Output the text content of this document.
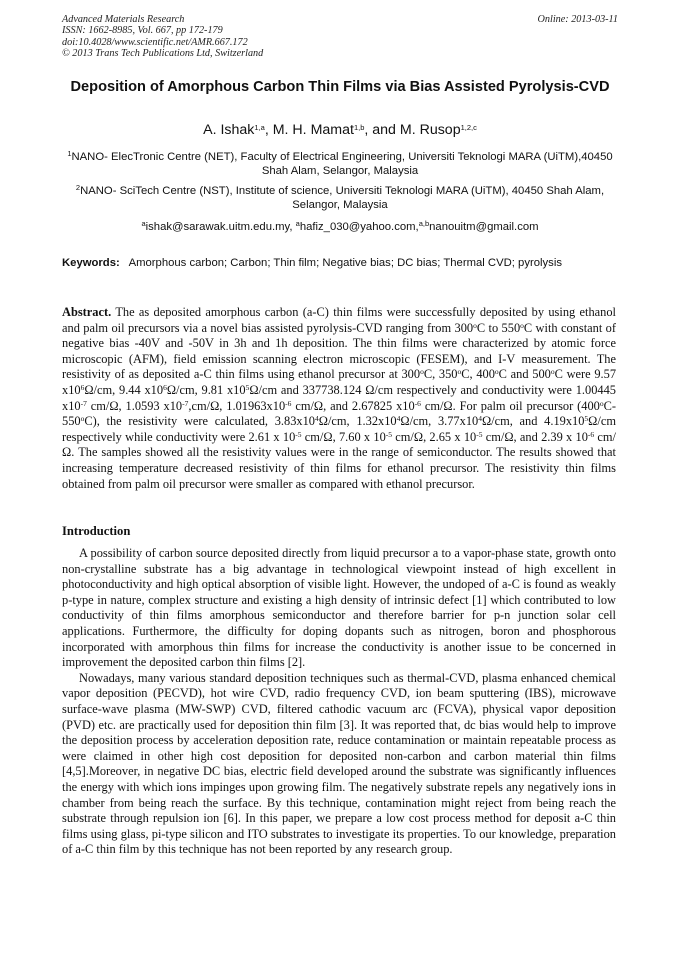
Advanced Materials Research
ISSN: 1662-8985, Vol. 667, pp 172-179
doi:10.4028/www.scientific.net/AMR.667.172
© 2013 Trans Tech Publications Ltd, Switzerland
Online: 2013-03-11
Deposition of Amorphous Carbon Thin Films via Bias Assisted Pyrolysis-CVD
A. Ishak$^{1,a}$, M. H. Mamat$^{1,b}$, and M. Rusop$^{1,2,c}$
$^1$NANO- ElecTronic Centre (NET), Faculty of Electrical Engineering, Universiti Teknologi MARA (UiTM),40450 Shah Alam, Selangor, Malaysia
$^2$NANO- SciTech Centre (NST), Institute of science, Universiti Teknologi MARA (UiTM), 40450 Shah Alam, Selangor, Malaysia
$^a$ishak@sarawak.uitm.edu.my, $^a$hafiz_030@yahoo.com,$^{a,b}$nanouitm@gmail.com
Keywords: Amorphous carbon; Carbon; Thin film; Negative bias; DC bias; Thermal CVD; pyrolysis
Abstract. The as deposited amorphous carbon (a-C) thin films were successfully deposited by using ethanol and palm oil precursors via a novel bias assisted pyrolysis-CVD ranging from 300$^o$C to 550$^o$C with constant of negative bias -40V and -50V in 3h and 1h deposition. The thin films were characterized by atomic force microscopic (AFM), field emission scanning electron microscopic (FESEM), and I-V measurement. The resistivity of as deposited a-C thin films using ethanol precursor at 300$^o$C, 350$^o$C, 400$^o$C and 500$^o$C were 9.57 $x10^6\Omega/cm$, 9.44 $x10^6\Omega/cm$, 9.81 $x10^5\Omega/cm$ and 337738.124 Ω/cm respectively and conductivity were 1.00445 $x10^{-7}$ cm/Ω, 1.0593 $x10^{-7},cm/\Omega$, $1.01963x10^{-6}$ cm/Ω, and 2.67825 $x10^{-6}$ cm/Ω. For palm oil precursor (400$^o$C-550$^o$C), the resistivity were calculated, $3.83x10^4\Omega/cm$, $1.32x10^4\Omega/cm$, $3.77x10^4\Omega/cm$, and $4.19x10^5\Omega/cm$ respectively while conductivity were 2.61 x $10^{-5}$ cm/Ω, 7.60 x $10^{-5}$ cm/Ω, 2.65 x $10^{-5}$ cm/Ω, and 2.39 x $10^{-6}$ cm/Ω. The samples showed all the resistivity values were in the range of semiconductor. The results showed that increasing temperature decreased resistivity of thin films for ethanol precursor. The resistivity thin films obtained from palm oil precursor were smaller as compared with ethanol precursor.
Introduction

A possibility of carbon source deposited directly from liquid precursor a to a vapor-phase state, growth onto non-crystalline substrate has a big advantage in technological viewpoint instead of high excellent in photoconductivity and high optical absorption of visible light. However, the undoped of a-C is found as weakly p-type in nature, complex structure and existing a high density of intrinsic defect [1] which contributed to low conductivity of thin films amorphous semiconductor and therefore barrier for p-n junction solar cell applications. Furthermore, the difficulty for doping dopants such as nitrogen, boron and phosphorous incorporated with amorphous thin films for increase the conductivity is another issue to be concerned in improvement the deposited carbon thin films [2].

Nowadays, many various standard deposition techniques such as thermal-CVD, plasma enhanced chemical vapor deposition (PECVD), hot wire CVD, radio frequency CVD, ion beam sputtering (IBS), microwave surface-wave plasma (MW-SWP) CVD, filtered cathodic vacuum arc (FCVA), physical vapor deposition (PVD) etc. are practically used for deposition thin film [3]. It was reported that, dc bias would help to improve the deposition process by acceleration deposition rate, reduce contamination or maintain repeatable process as were claimed in other high cost deposition for deposited non-carbon and carbon material thin films [4,5].Moreover, in negative DC bias, electric field developed around the substrate was significantly influences the energy with which ions impinges upon growing film. The negatively substrate repels any negatively ions in chamber from being reach the surface. By this technique, contamination might reject from being reach the substrate through repulsion ion [6]. In this paper, we prepare a low cost process method for deposit a-C thin films using glass, pi-type silicon and ITO substrates to investigate its properties. To our knowledge, preparation of a-C thin film by this technique has not been reported by any research group.
